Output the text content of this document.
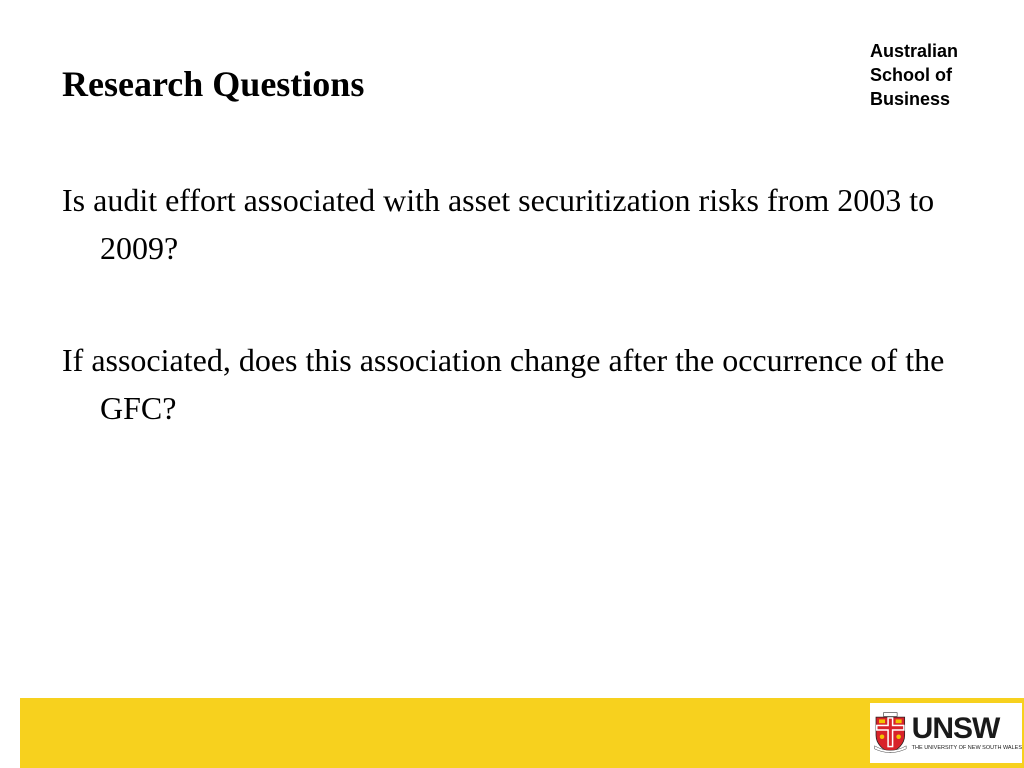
Research Questions
Australian
School of
Business
Is audit effort associated with asset securitization risks from 2003 to 2009?
If associated, does this association change after the occurrence of the GFC?
UNSW
THE UNIVERSITY OF NEW SOUTH WALES
